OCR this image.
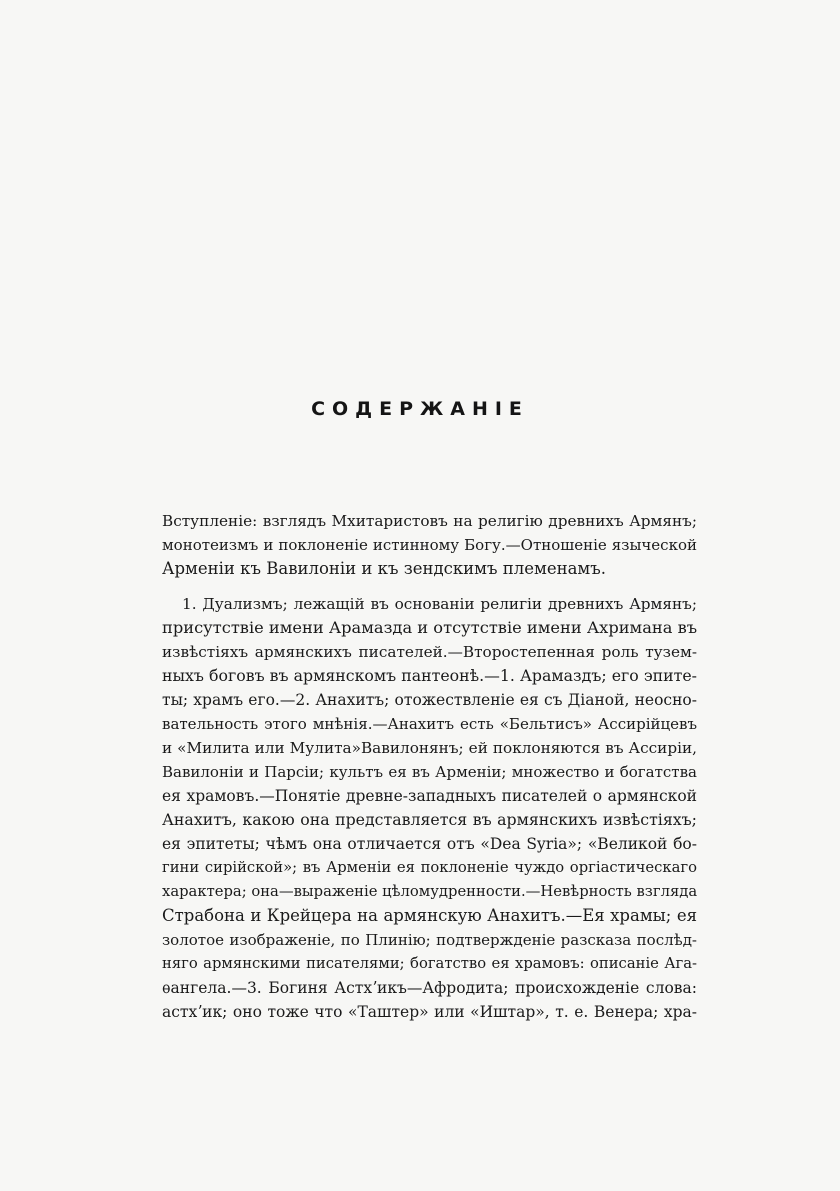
СОДЕРЖАНIЕ
Вступленiе: взглядъ Мхитаристовъ на религiю древнихъ Армянъ;
монотеизмъ и поклоненiе истинному Богу.—Отношенiе языческой
Арменiи къ Вавилонiи и къ зендскимъ племенамъ.
1. Дуализмъ; лежащiй въ основанiи религiи древнихъ Армянъ;
присутствiе имени Арамазда и отсутствiе имени Ахримана въ
извѣстiяхъ армянскихъ писателей.—Второстепенная роль тузем-
ныхъ боговъ въ армянскомъ пантеонѣ.—1. Арамаздъ; его эпите-
ты; храмъ его.—2. Анахитъ; отожествленiе ея съ Дiаной, неосно-
вательность этого мнѣнiя.—Анахитъ есть «Бельтисъ» Ассирiйцевъ
и «Милита или Мулита»Вавилонянъ; ей поклоняются въ Ассирiи,
Вавилонiи и Парсiи; культъ ея въ Арменiи; множество и богатства
ея храмовъ.—Понятiе древне-западныхъ писателей о армянской
Анахитъ, какою она представляется въ армянскихъ извѣстiяхъ;
ея эпитеты; чѣмъ она отличается отъ «Dea Syria»; «Великой бо-
гини сирiйской»; въ Арменiи ея поклоненiе чуждо оргiастическаго
характера; она—выраженiе цѣломудренности.—Невѣрность взгляда
Страбона и Крейцера на армянскую Анахитъ.—Ея храмы; ея
золотое изображенiе, по Плинiю; подтвержденiе разсказа послѣд-
няго армянскими писателями; богатство ея храмовъ: описанiе Ага-
ѳангела.—3. Богиня Астхʼикъ—Афродита; происхожденiе слова:
астхʼик; оно тоже что «Таштер» или «Иштар», т. е. Венера; хра-
